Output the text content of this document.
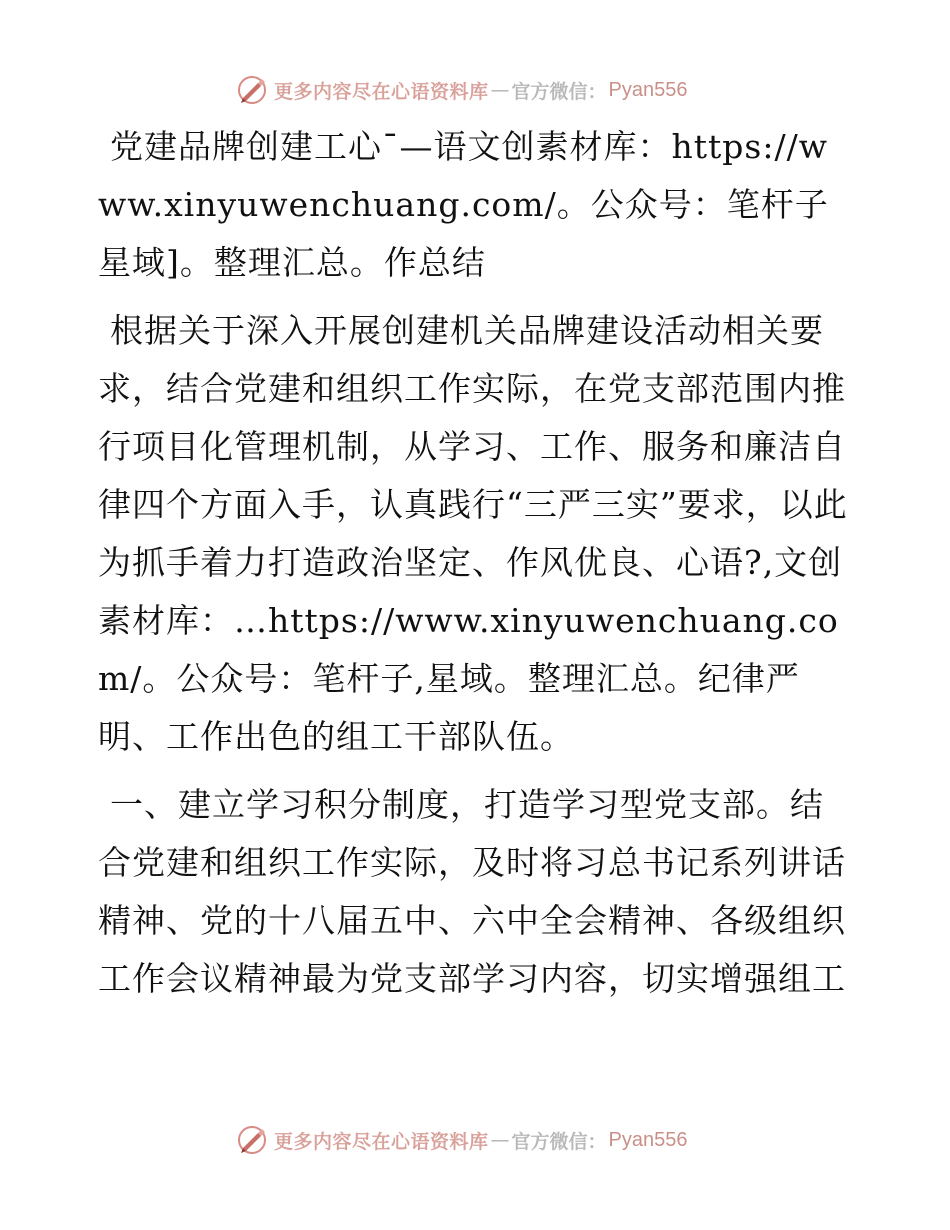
更多内容尽在心语资料库 — 官方微信： Pyan556

党建品牌创建工心¯—语文创素材库：https://www.xinyuwenchuang.com/。公众号：笔杆子星域]。整理汇总。作总结

根据关于深入开展创建机关品牌建设活动相关要求，结合党建和组织工作实际，在党支部范围内推行项目化管理机制，从学习、工作、服务和廉洁自律四个方面入手，认真践行“三严三实”要求，以此为抓手着力打造政治坚定、作风优良、心语?,文创素材库：…https://www.xinyuwenchuang.com/。公众号：笔杆子,星域。整理汇总。纪律严明、工作出色的组工干部队伍。

一、建立学习积分制度，打造学习型党支部。结合党建和组织工作实际，及时将习总书记系列讲话精神、党的十八届五中、六中全会精神、各级组织工作会议精神最为党支部学习内容，切实增强组工

更多内容尽在心语资料库 — 官方微信： Pyan556
